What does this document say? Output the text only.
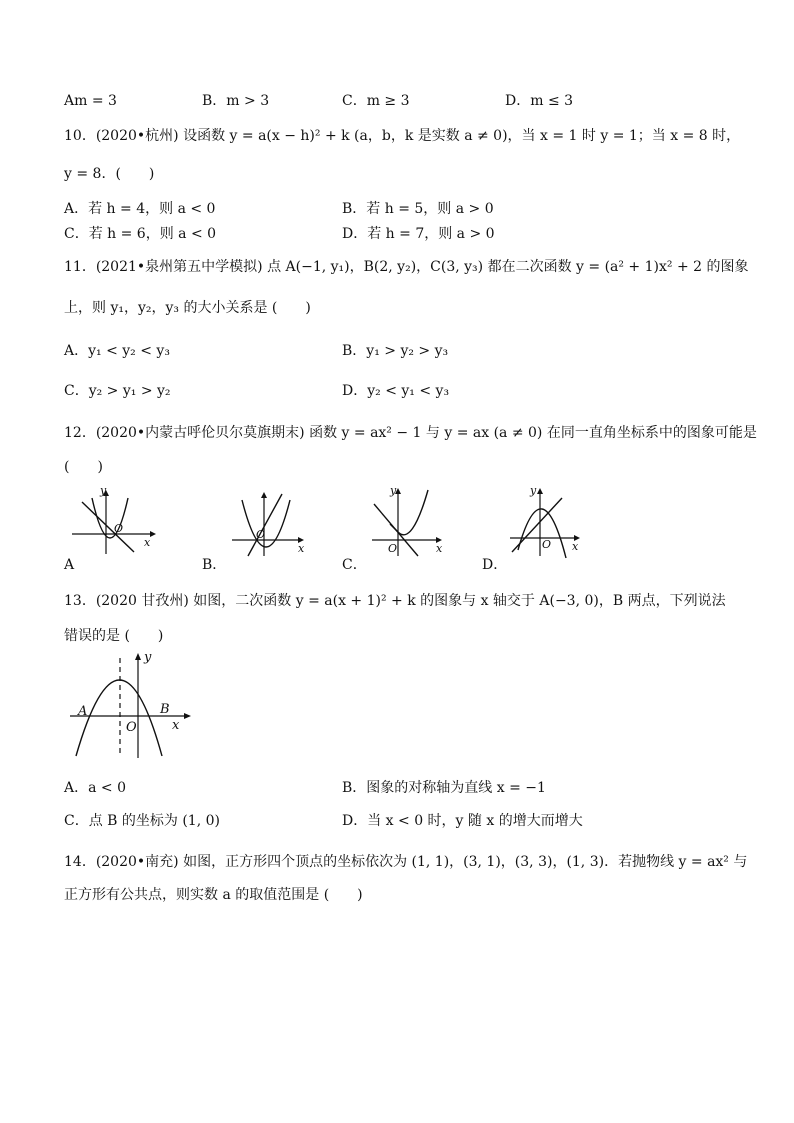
Am = 3	B．m > 3	C．m ≥ 3	D．m ≤ 3
10．(2020•杭州) 设函数 y = a(x − h)² + k (a，b，k 是实数 a ≠ 0)，当 x = 1 时 y = 1；当 x = 8 时，
y = 8．(　　)
A．若 h = 4，则 a < 0	B．若 h = 5，则 a > 0
C．若 h = 6，则 a < 0	D．若 h = 7，则 a > 0
11．(2021•泉州第五中学模拟) 点 A(−1, y₁)，B(2, y₂)，C(3, y₃) 都在二次函数 y = (a² + 1)x² + 2 的图象
上，则 y₁，y₂，y₃ 的大小关系是 (　　)
A．y₁ < y₂ < y₃	B．y₁ > y₂ > y₃
C．y₂ > y₁ > y₂	D．y₂ < y₁ < y₃
12．(2020•内蒙古呼伦贝尔莫旗期末) 函数 y = ax² − 1 与 y = ax (a ≠ 0) 在同一直角坐标系中的图象可能是
(　　)
y
O
x
A
O
x
B．
y
O	x
C．
y
O x
D．
13．(2020 甘孜州) 如图，二次函数 y = a(x + 1)² + k 的图象与 x 轴交于 A(−3, 0)，B 两点，下列说法
错误的是 (　　)
y
A	B
O	x
A．a < 0	B．图象的对称轴为直线 x = −1
C．点 B 的坐标为 (1, 0)	D．当 x < 0 时，y 随 x 的增大而增大
14．(2020•南充) 如图，正方形四个顶点的坐标依次为 (1, 1)，(3, 1)，(3, 3)，(1, 3)．若抛物线 y = ax² 与
正方形有公共点，则实数 a 的取值范围是 (　　)
